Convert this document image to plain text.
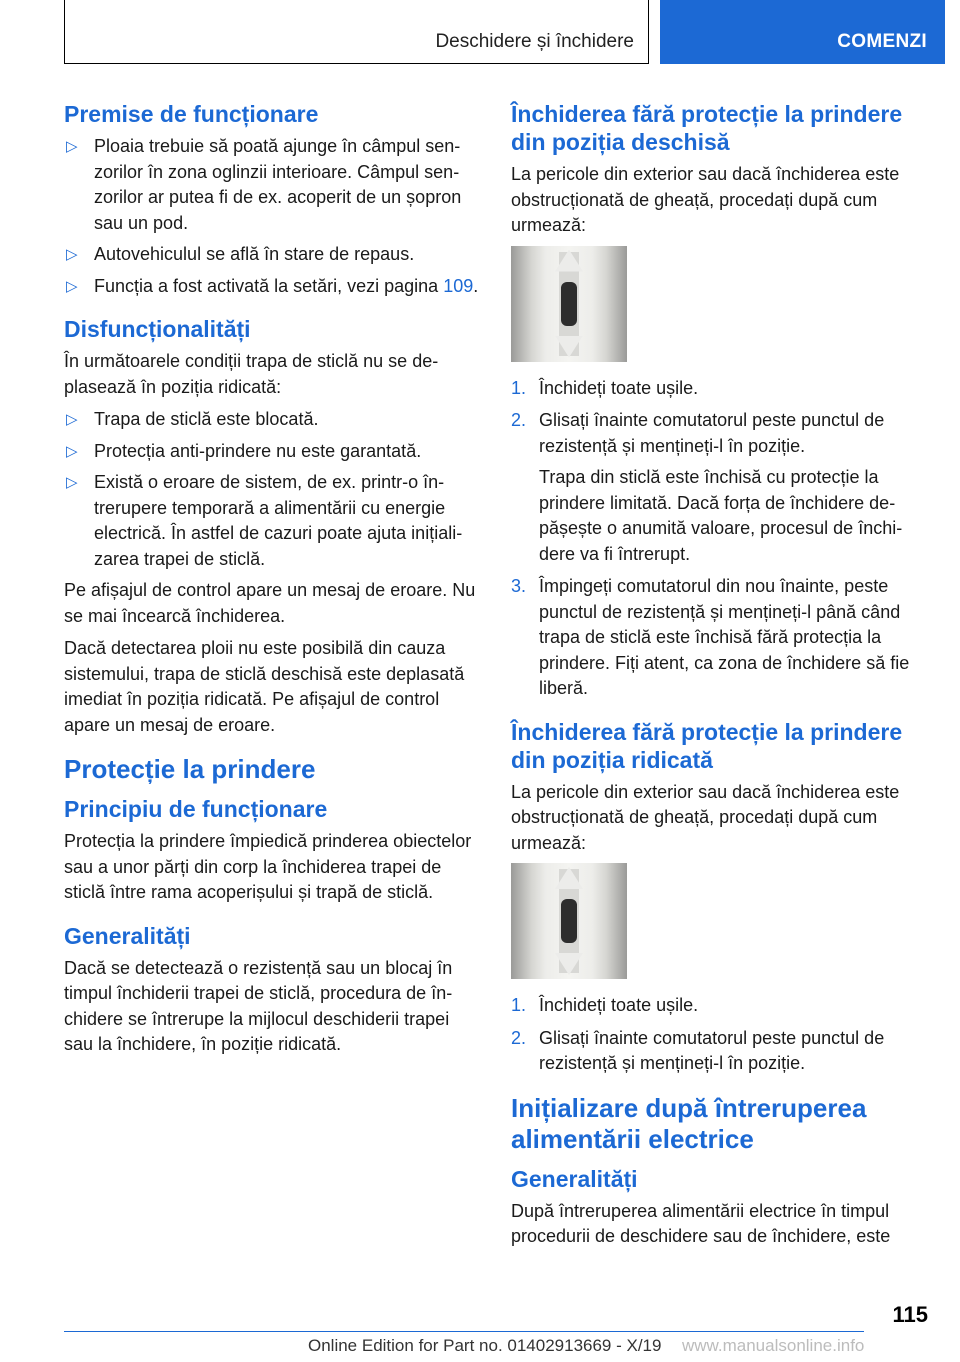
Deschidere și închidere	COMENZI
Premise de funcționare
▷ Ploaia trebuie să poată ajunge în câmpul senzorilor în zona oglinzii interioare. Câmpul senzorilor ar putea fi de ex. acoperit de un șopron sau un pod.
▷ Autovehiculul se află în stare de repaus.
▷ Funcția a fost activată la setări, vezi pagina 109.
Disfuncționalități

În următoarele condiții trapa de sticlă nu se deplasează în poziția ridicată:

▷ Trapa de sticlă este blocată.
▷ Protecția anti-prindere nu este garantată.
▷ Există o eroare de sistem, de ex. printr-o întrerupere temporară a alimentării cu energie electrică. În astfel de cazuri poate ajuta inițializarea trapei de sticlă.

Pe afișajul de control apare un mesaj de eroare. Nu se mai încearcă închiderea.

Dacă detectarea ploii nu este posibilă din cauza sistemului, trapa de sticlă deschisă este deplasată imediat în poziția ridicată. Pe afișajul de control apare un mesaj de eroare.

Protecție la prindere
Principiu de funcționare

Protecția la prindere împiedică prinderea obiectelor sau a unor părți din corp la închiderea trapei de sticlă între rama acoperișului și trapă de sticlă.

Generalități

Dacă se detectează o rezistență sau un blocaj în timpul închiderii trapei de sticlă, procedura de închidere se întrerupe la mijlocul deschiderii trapei sau la închidere, în poziție ridicată.

Închiderea fără protecție la prindere din poziția deschisă

La pericole din exterior sau dacă închiderea este obstrucționată de gheață, procedați după cum urmează:

1. Închideți toate ușile.
2. Glisați înainte comutatorul peste punctul de rezistență și mențineți-l în poziție.
Trapa din sticlă este închisă cu protecție la prindere limitată. Dacă forța de închidere depășește o anumită valoare, procesul de închidere va fi întrerupt.
3. Împingeți comutatorul din nou înainte, peste punctul de rezistență și mențineți-l până când trapa de sticlă este închisă fără protecția la prindere. Fiți atent, ca zona de închidere să fie liberă.
Închiderea fără protecție la prindere din poziția ridicată

La pericole din exterior sau dacă închiderea este obstrucționată de gheață, procedați după cum urmează:

1. Închideți toate ușile.
2. Glisați înainte comutatorul peste punctul de rezistență și mențineți-l în poziție.
Inițializare după întreruperea alimentării electrice
Generalități

După întreruperea alimentării electrice în timpul procedurii de deschidere sau de închidere, este

115
Online Edition for Part no. 01402913669 - X/19 www.manualsonline.info
